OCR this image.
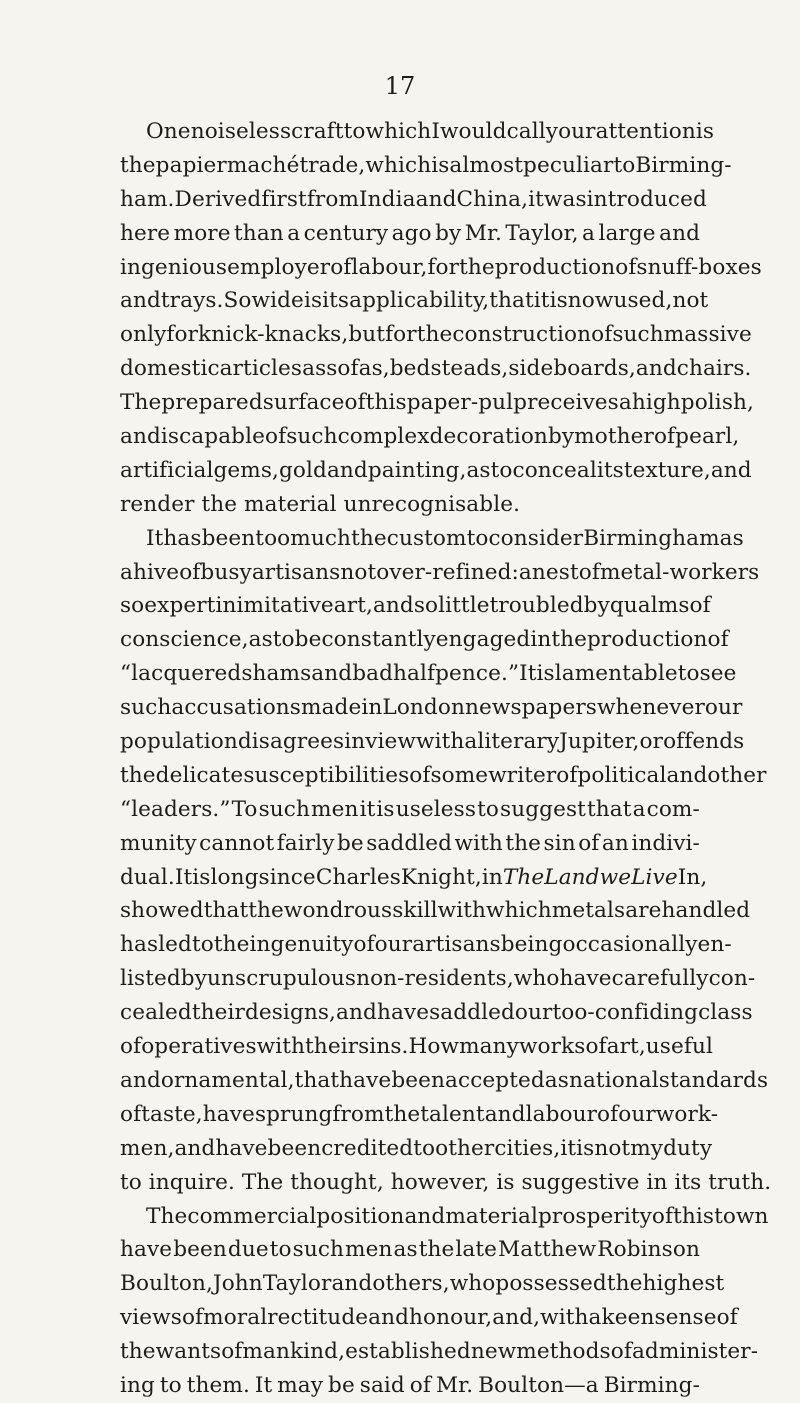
17
One noiseless craft to which I would call your attention is
the papier maché trade, which is almost peculiar to Birming-
ham. Derived first from India and China, it was introduced
here more than a century ago by Mr. Taylor, a large and
ingenious employer of labour, for the production of snuff-boxes
and trays. So wide is its applicability, that it is now used, not
only for knick-knacks, but for the construction of such massive
domestic articles as sofas, bedsteads, sideboards, and chairs.
The prepared surface of this paper-pulp receives a high polish,
and is capable of such complex decoration by mother of pearl,
artificial gems, gold and painting, as to conceal its texture, and
render the material unrecognisable.
It has been too much the custom to consider Birmingham as
a hive of busy artisans not over-refined: a nest of metal-workers
so expert in imitative art, and so little troubled by qualms of
conscience, as to be constantly engaged in the production of
“lacquered shams and bad halfpence.” It is lamentable to see
such accusations made in London newspapers whenever our
population disagrees in view with a literary Jupiter, or offends
the delicate susceptibilities of some writer of political and other
“leaders.” To such men it is useless to suggest that a com-
munity cannot fairly be saddled with the sin of an indivi-
dual. It is long since Charles Knight, in The Land we Live In,
showed that the wondrous skill with which metals are handled
has led to the ingenuity of our artisans being occasionally en-
listed by unscrupulous non-residents, who have carefully con-
cealed their designs, and have saddled our too-confiding class
of operatives with their sins. How many works of art, useful
and ornamental, that have been accepted as national standards
of taste, have sprung from the talent and labour of our work-
men, and have been credited to other cities, it is not my duty
to inquire. The thought, however, is suggestive in its truth.
The commercial position and material prosperity of this town
have been due to such men as the late Matthew Robinson
Boulton, John Taylor and others, who possessed the highest
views of moral rectitude and honour, and, with a keen sense of
the wants of mankind, established new methods of administer-
ing to them. It may be said of Mr. Boulton—a Birming-
